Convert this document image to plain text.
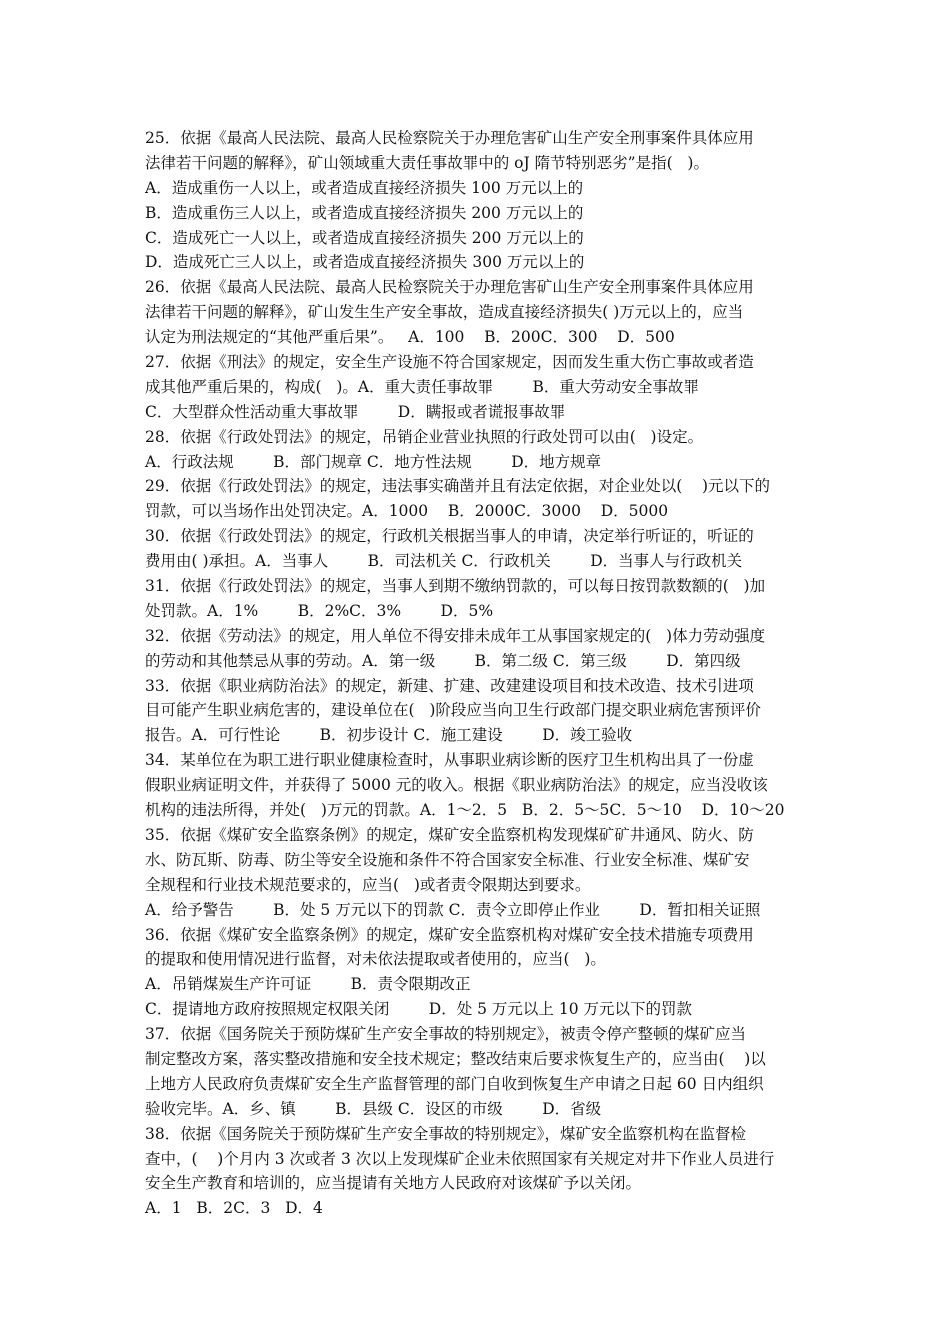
25．依据《最高人民法院、最高人民检察院关于办理危害矿山生产安全刑事案件具体应用
法律若干问题的解释》，矿山领域重大责任事故罪中的 oJ 隋节特别恶劣”是指(   )。
A．造成重伤一人以上，或者造成直接经济损失 100 万元以上的
B．造成重伤三人以上，或者造成直接经济损失 200 万元以上的
C．造成死亡一人以上，或者造成直接经济损失 200 万元以上的
D．造成死亡三人以上，或者造成直接经济损失 300 万元以上的
26．依据《最高人民法院、最高人民检察院关于办理危害矿山生产安全刑事案件具体应用
法律若干问题的解释》，矿山发生生产安全事故，造成直接经济损失( )万元以上的，应当
认定为刑法规定的“其他严重后果”。   A．100    B．200C．300    D．500
27．依据《刑法》的规定，安全生产设施不符合国家规定，因而发生重大伤亡事故或者造
成其他严重后果的，构成(   )。A．重大责任事故罪        B．重大劳动安全事故罪
C．大型群众性活动重大事故罪        D．瞒报或者谎报事故罪
28．依据《行政处罚法》的规定，吊销企业营业执照的行政处罚可以由(   )设定。
A．行政法规        B．部门规章 C．地方性法规        D．地方规章
29．依据《行政处罚法》的规定，违法事实确凿并且有法定依据，对企业处以(    )元以下的
罚款，可以当场作出处罚决定。A．1000    B．2000C．3000    D．5000
30．依据《行政处罚法》的规定，行政机关根据当事人的申请，决定举行听证的，听证的
费用由( )承担。A．当事人        B．司法机关 C．行政机关        D．当事人与行政机关
31．依据《行政处罚法》的规定，当事人到期不缴纳罚款的，可以每日按罚款数额的(   )加
处罚款。A．1%        B．2%C．3%        D．5%
32．依据《劳动法》的规定，用人单位不得安排未成年工从事国家规定的(   )体力劳动强度
的劳动和其他禁忌从事的劳动。A．第一级        B．第二级 C．第三级        D．第四级
33．依据《职业病防治法》的规定，新建、扩建、改建建设项目和技术改造、技术引进项
目可能产生职业病危害的，建设单位在(   )阶段应当向卫生行政部门提交职业病危害预评价
报告。A．可行性论        B．初步设计 C．施工建设        D．竣工验收
34．某单位在为职工进行职业健康检查时，从事职业病诊断的医疗卫生机构出具了一份虚
假职业病证明文件，并获得了 5000 元的收入。根据《职业病防治法》的规定，应当没收该
机构的违法所得，并处(   )万元的罚款。A．1～2．5   B．2．5～5C．5～10    D．10～20
35．依据《煤矿安全监察条例》的规定，煤矿安全监察机构发现煤矿矿井通风、防火、防
水、防瓦斯、防毒、防尘等安全设施和条件不符合国家安全标准、行业安全标准、煤矿安
全规程和行业技术规范要求的，应当(   )或者责令限期达到要求。
A．给予警告        B．处 5 万元以下的罚款 C．责令立即停止作业        D．暂扣相关证照
36．依据《煤矿安全监察条例》的规定，煤矿安全监察机构对煤矿安全技术措施专项费用
的提取和使用情况进行监督，对未依法提取或者使用的，应当(   )。
A．吊销煤炭生产许可证        B．责令限期改正
C．提请地方政府按照规定权限关闭        D．处 5 万元以上 10 万元以下的罚款
37．依据《国务院关于预防煤矿生产安全事故的特别规定》，被责令停产整顿的煤矿应当
制定整改方案，落实整改措施和安全技术规定；整改结束后要求恢复生产的，应当由(    )以
上地方人民政府负责煤矿安全生产监督管理的部门自收到恢复生产申请之日起 60 日内组织
验收完毕。A．乡、镇        B．县级 C．设区的市级        D．省级
38．依据《国务院关于预防煤矿生产安全事故的特别规定》，煤矿安全监察机构在监督检
查中，(    )个月内 3 次或者 3 次以上发现煤矿企业未依照国家有关规定对井下作业人员进行
安全生产教育和培训的，应当提请有关地方人民政府对该煤矿予以关闭。
A．1   B．2C．3   D．4
